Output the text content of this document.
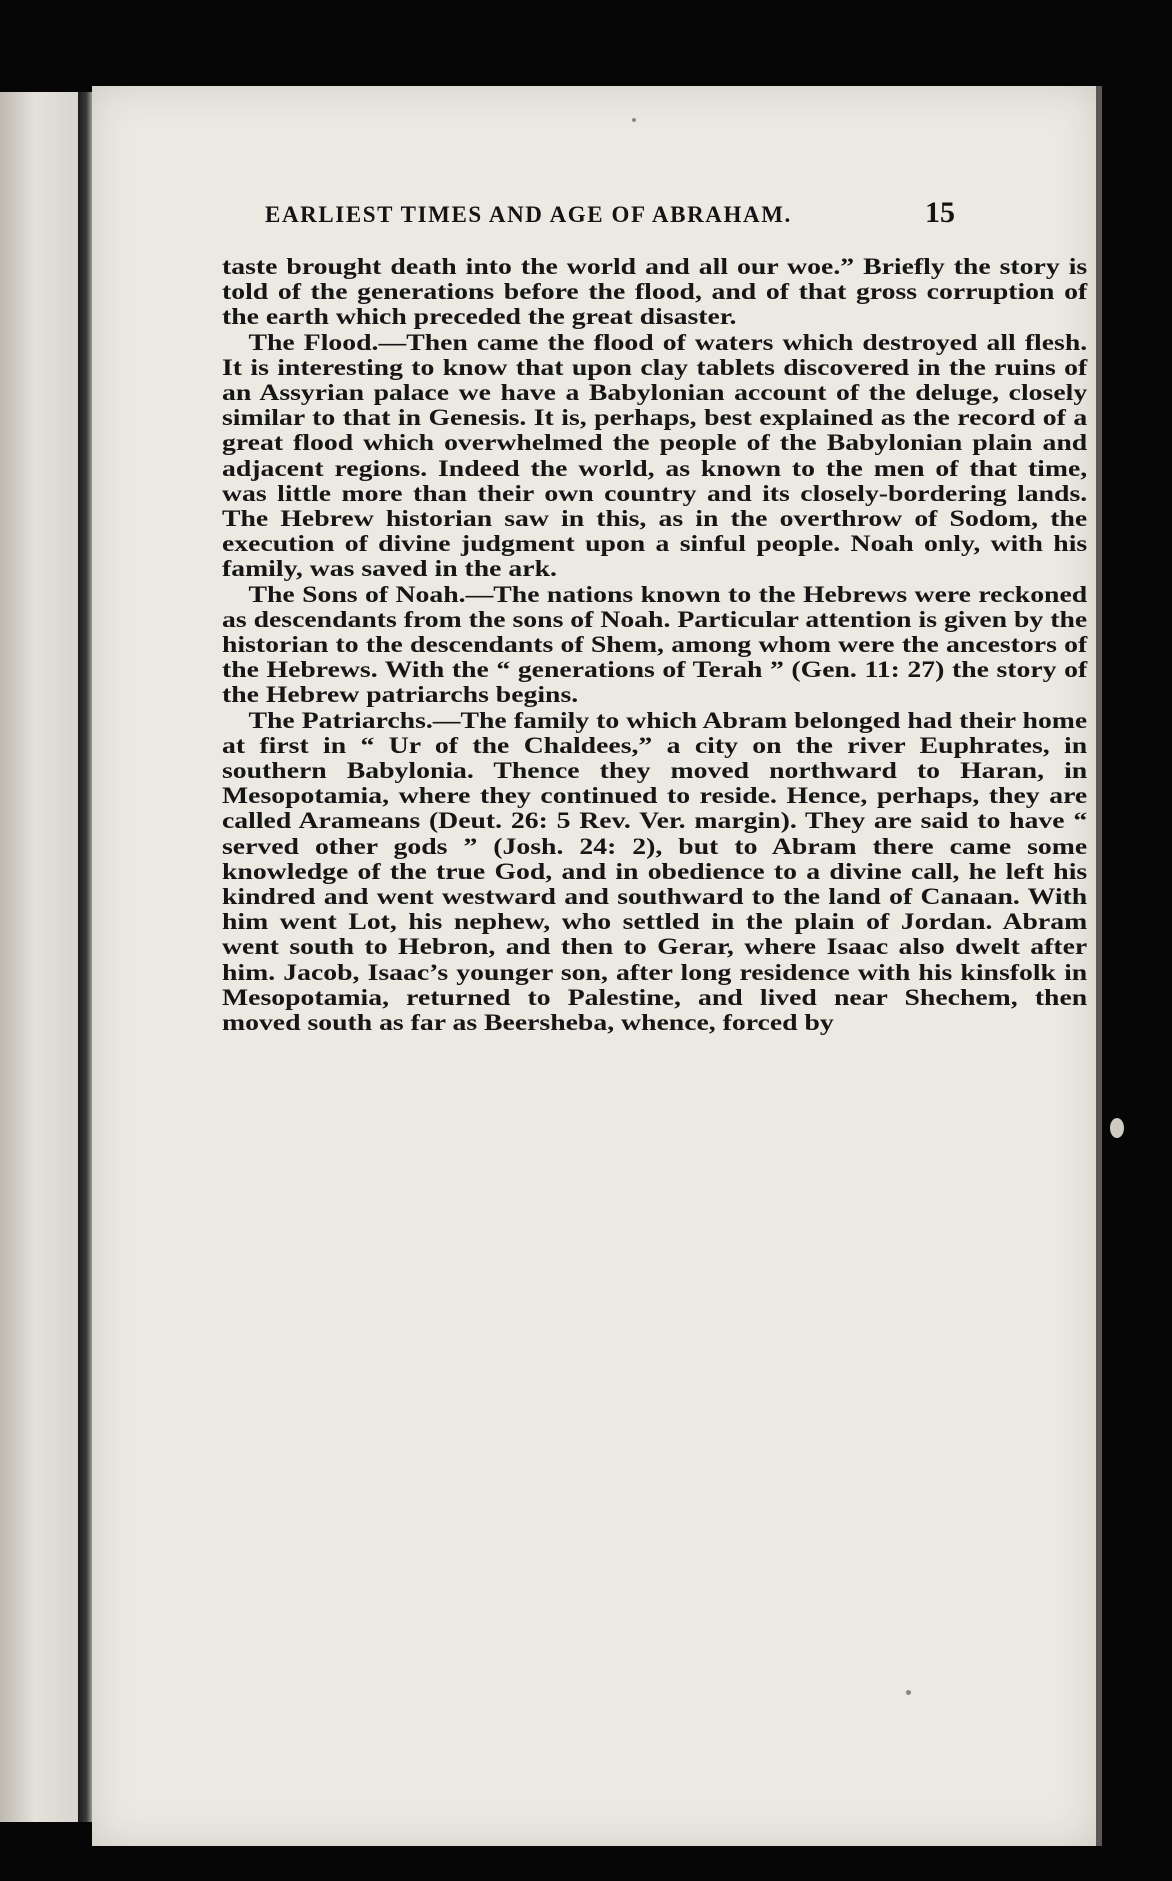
EARLIEST TIMES AND AGE OF ABRAHAM.	15

taste brought death into the world and all our woe.” Briefly the story is told of the generations before the flood, and of that gross corruption of the earth which preceded the great disaster.

The Flood.—Then came the flood of waters which destroyed all flesh. It is interesting to know that upon clay tablets discovered in the ruins of an Assyrian palace we have a Babylonian account of the deluge, closely similar to that in Genesis. It is, perhaps, best explained as the record of a great flood which overwhelmed the people of the Babylonian plain and adjacent regions. Indeed the world, as known to the men of that time, was little more than their own country and its closely-bordering lands. The Hebrew historian saw in this, as in the overthrow of Sodom, the execution of divine judgment upon a sinful people. Noah only, with his family, was saved in the ark.

The Sons of Noah.—The nations known to the Hebrews were reckoned as descendants from the sons of Noah. Particular attention is given by the historian to the descendants of Shem, among whom were the ancestors of the Hebrews. With the “ generations of Terah ” (Gen. 11: 27) the story of the Hebrew patriarchs begins.

The Patriarchs.—The family to which Abram belonged had their home at first in “ Ur of the Chaldees,” a city on the river Euphrates, in southern Babylonia. Thence they moved northward to Haran, in Mesopotamia, where they continued to reside. Hence, perhaps, they are called Arameans (Deut. 26: 5 Rev. Ver. margin). They are said to have “ served other gods ” (Josh. 24: 2), but to Abram there came some knowledge of the true God, and in obedience to a divine call, he left his kindred and went westward and southward to the land of Canaan. With him went Lot, his nephew, who settled in the plain of Jordan. Abram went south to Hebron, and then to Gerar, where Isaac also dwelt after him. Jacob, Isaac’s younger son, after long residence with his kinsfolk in Mesopotamia, returned to Palestine, and lived near Shechem, then moved south as far as Beersheba, whence, forced by
